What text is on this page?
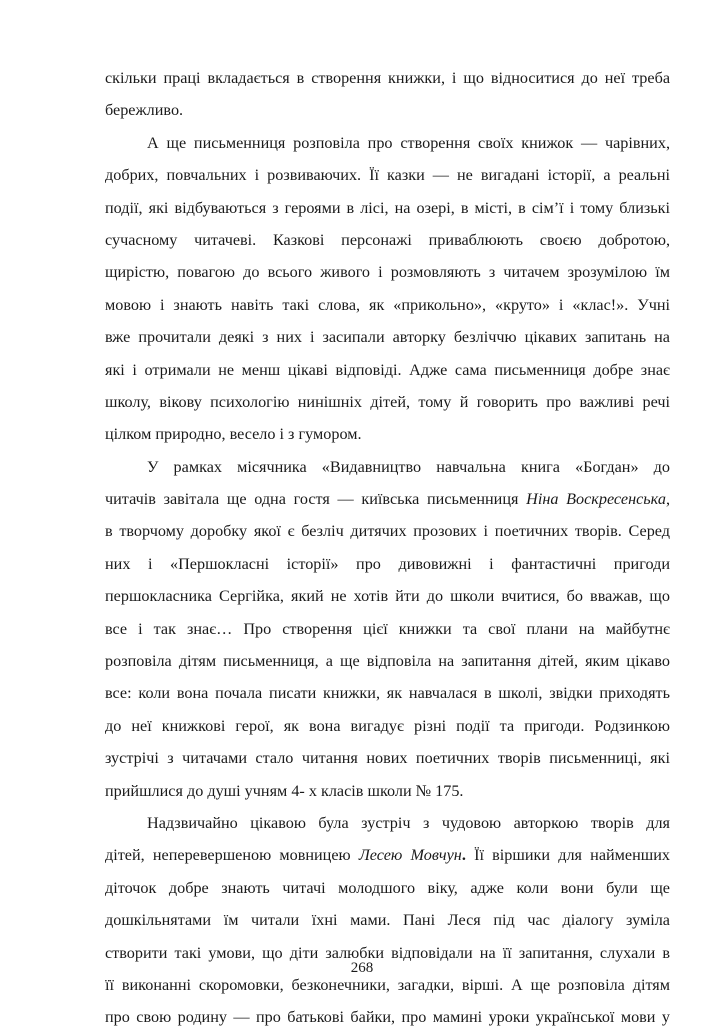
скільки праці вкладається в створення книжки, і що відноситися до неї треба
бережливо.
А ще письменниця розповіла про створення своїх книжок — чарівних,
добрих, повчальних і розвиваючих. Її казки — не вигадані історії, а реальні
події, які відбуваються з героями в лісі, на озері, в місті, в сім’ї і тому близькі
сучасному читачеві. Казкові персонажі приваблюють своєю добротою,
щирістю, повагою до всього живого і розмовляють з читачем зрозумілою їм
мовою і знають навіть такі слова, як «прикольно», «круто» і «клас!». Учні
вже прочитали деякі з них і засипали авторку безліччю цікавих запитань на
які і отримали не менш цікаві відповіді. Адже сама письменниця добре знає
школу, вікову психологію нинішніх дітей, тому й говорить про важливі речі
цілком природно, весело і з гумором.
У рамках місячника «Видавництво навчальна книга «Богдан» до
читачів завітала ще одна гостя — київська письменниця Ніна Воскресенська,
в творчому доробку якої є безліч дитячих прозових і поетичних творів. Серед
них і «Першокласні історії» про дивовижні і фантастичні пригоди
першокласника Сергійка, який не хотів йти до школи вчитися, бо вважав, що
все і так знає… Про створення цієї книжки та свої плани на майбутнє
розповіла дітям письменниця, а ще відповіла на запитання дітей, яким цікаво
все: коли вона почала писати книжки, як навчалася в школі, звідки приходять
до неї книжкові герої, як вона вигадує різні події та пригоди. Родзинкою
зустрічі з читачами стало читання нових поетичних творів письменниці, які
прийшлися до душі учням 4- х класів школи № 175.
Надзвичайно цікавою була зустріч з чудовою авторкою творів для
дітей, неперевершеною мовницею Лесею Мовчун. Її віршики для найменших
діточок добре знають читачі молодшого віку, адже коли вони були ще
дошкільнятами їм читали їхні мами. Пані Леся під час діалогу зуміла
створити такі умови, що діти залюбки відповідали на її запитання, слухали в
її виконанні скоромовки, безконечники, загадки, вірші. А ще розповіла дітям
про свою родину — про батькові байки, про мамині уроки української мови у
268
